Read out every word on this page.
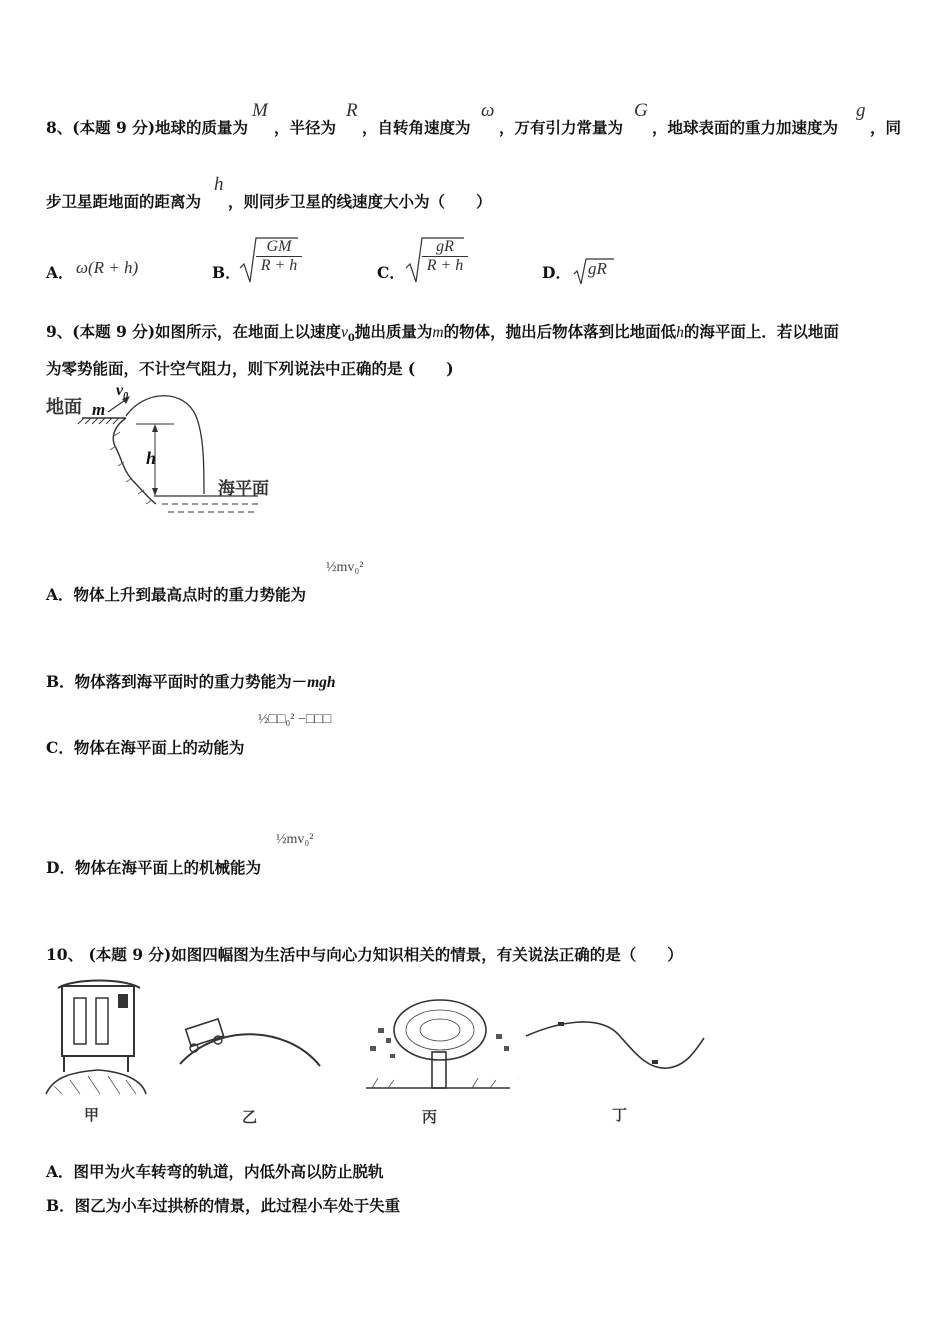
8、(本题 9 分)地球的质量为
M
，半径为
R
，自转角速度为
ω
，万有引力常量为
G
，地球表面的重力加速度为
g
，同
步卫星距地面的距离为
h
，则同步卫星的线速度大小为（　　）
A． ω(R + h)	B．
GM
R + h	C．
gR
R + h	D． gR
9、(本题 9 分)如图所示，在地面上以速度$v_0$抛出质量为m的物体，抛出后物体落到比地面低h的海平面上．若以地面
为零势能面，不计空气阻力，则下列说法中正确的是 (　　)
地面 m
$v_0$
h
海平面
A．物体上升到最高点时的重力势能为
½mv₀²
B．物体落到海平面时的重力势能为－mgh
C．物体在海平面上的动能为
½□□₀² −□□□
D．物体在海平面上的机械能为
½mv₀²
10、 (本题 9 分)如图四幅图为生活中与向心力知识相关的情景，有关说法正确的是（　　）
甲	乙	丙	丁
A．图甲为火车转弯的轨道，内低外高以防止脱轨
B．图乙为小车过拱桥的情景，此过程小车处于失重
